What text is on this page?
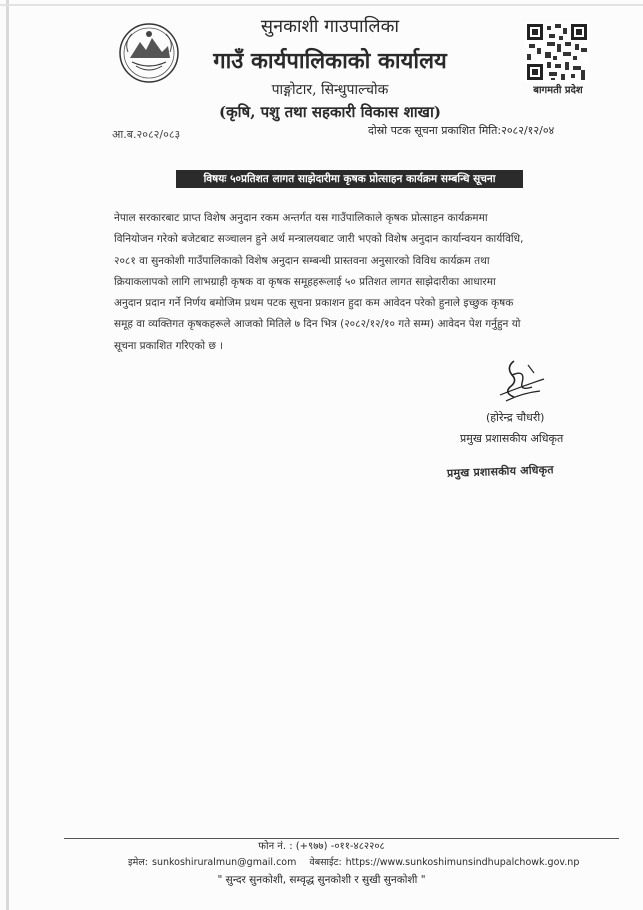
बागमती प्रदेश
सुनकाशी गाउपालिका
गाउँ कार्यपालिकाको कार्यालय
पाङ्गोटार, सिन्धुपाल्चोक
(कृषि, पशु तथा सहकारी विकास शाखा)
आ.ब.२०८२/०८३	दोस्रो पटक सूचना प्रकाशित मिति:२०८२/१२/०४
विषयः ५०प्रतिशत लागत साझेदारीमा कृषक प्रोत्साहन कार्यक्रम सम्बन्धि सूचना
नेपाल सरकारबाट प्राप्त विशेष अनुदान रकम अन्तर्गत यस गाउँपालिकाले कृषक प्रोत्साहन कार्यक्रममा
विनियोजन गरेको बजेटबाट सञ्चालन हुने अर्थ मन्त्रालयबाट जारी भएको विशेष अनुदान कार्यान्वयन कार्यविधि,
२०८१ वा सुनकोशी गाउँपालिकाको विशेष अनुदान सम्बन्धी प्रास्तवना अनुसारको विविध कार्यक्रम तथा
क्रियाकलापको लागि लाभग्राही कृषक वा कृषक समूहहरूलाई ५० प्रतिशत लागत साझेदारीका आधारमा
अनुदान प्रदान गर्ने निर्णय बमोजिम प्रथम पटक सूचना प्रकाशन हुदा कम आवेदन परेको हुनाले इच्छुक कृषक
समूह वा व्यक्तिगत कृषकहरूले आजको मितिले ७ दिन भित्र (२०८२/१२/१० गते सम्म) आवेदन पेश गर्नुहुन यो
सूचना प्रकाशित गरिएको छ ।
(होरेन्द्र चौधरी)
प्रमुख प्रशासकीय अधिकृत
प्रमुख प्रशासकीय अधिकृत
फोन नं. : (+९७७) -०११-४८२२०८
इमेल: sunkoshiruralmun@gmail.com वेबसाईट: https://www.sunkoshimunsindhupalchowk.gov.np
" सुन्दर सुनकोशी, सम्वृद्ध सुनकोशी र सुखी सुनकोशी "
